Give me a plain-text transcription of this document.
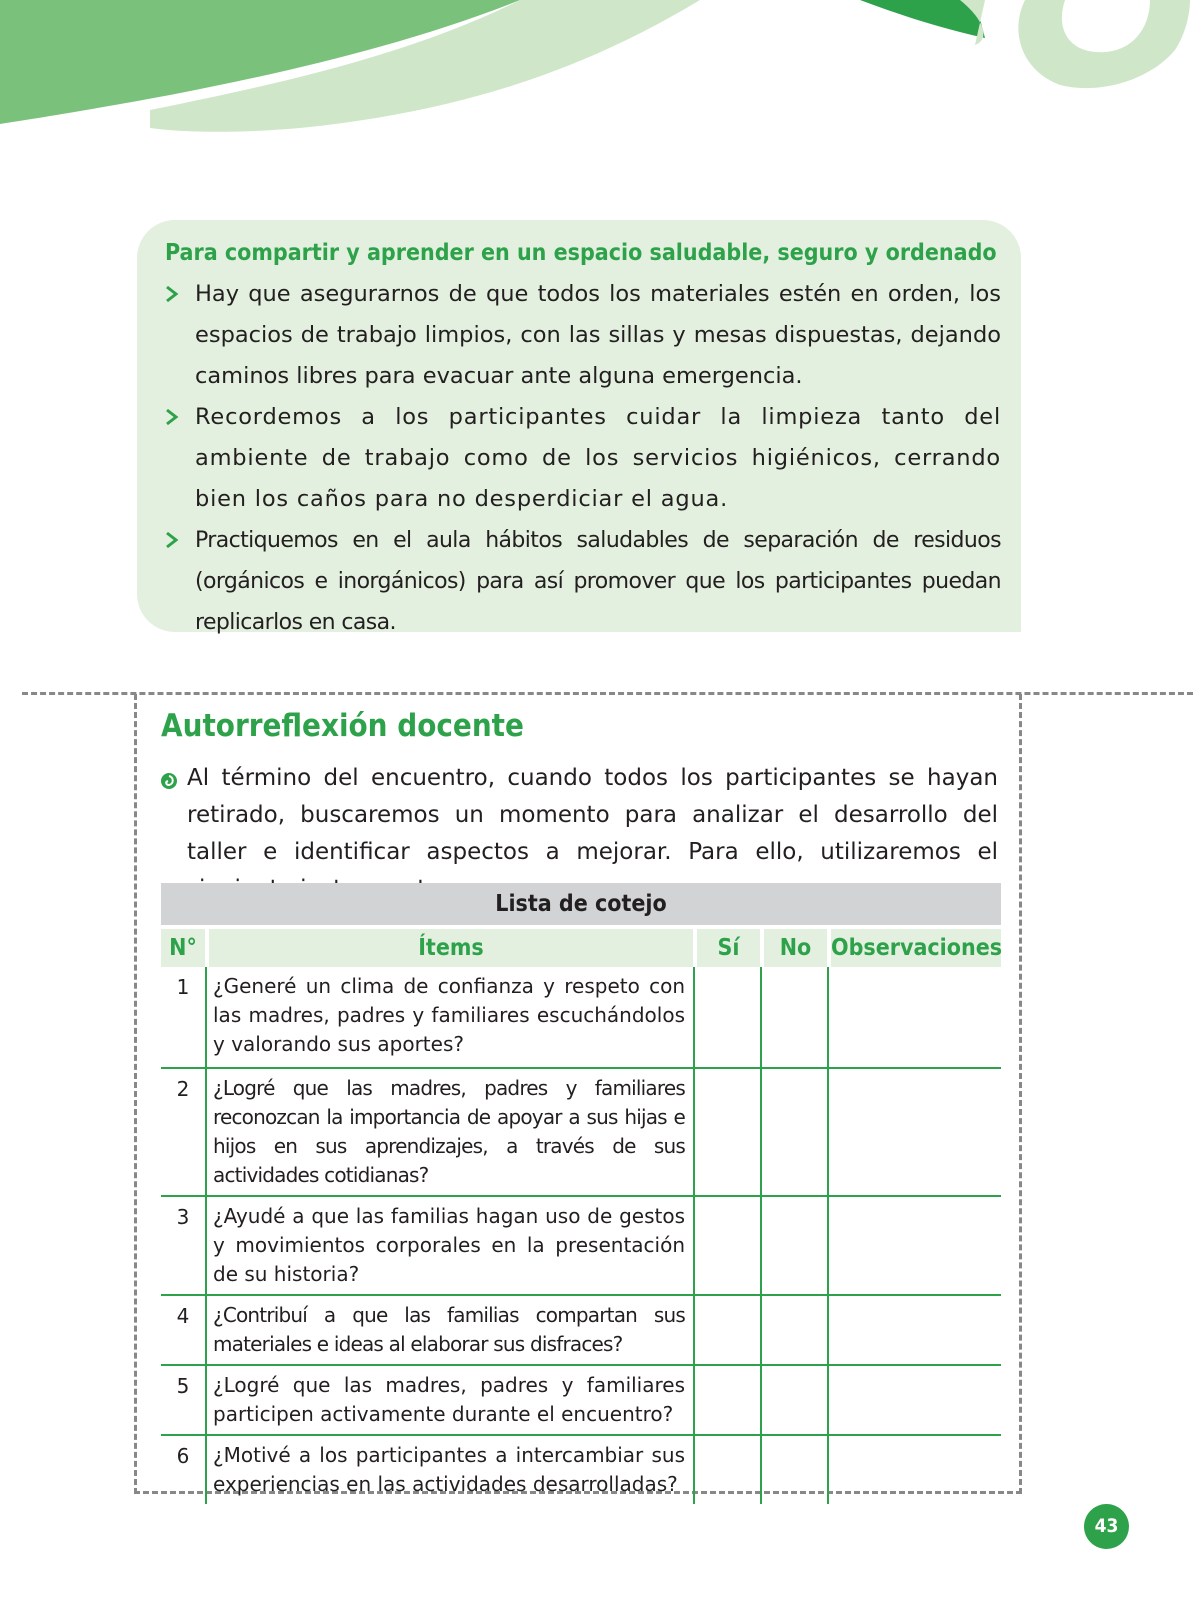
Para compartir y aprender en un espacio saludable, seguro y ordenado
Hay que asegurarnos de que todos los materiales estén en orden, los espacios de trabajo limpios, con las sillas y mesas dispuestas, dejando caminos libres para evacuar ante alguna emergencia.
Recordemos a los participantes cuidar la limpieza tanto del ambiente de trabajo como de los servicios higiénicos, cerrando bien los caños para no desperdiciar el agua.
Practiquemos en el aula hábitos saludables de separación de residuos (orgánicos e inorgánicos) para así promover que los participantes puedan replicarlos en casa.
Autorreflexión docente
Al término del encuentro, cuando todos los participantes se hayan retirado, buscaremos un momento para analizar el desarrollo del taller e identificar aspectos a mejorar. Para ello, utilizaremos el
Lista de cotejo
N°	Ítems	Sí	No	Observaciones
1	¿Generé un clima de confianza y respeto con las madres, padres y familiares escuchándolos y valorando sus aportes?			
2	¿Logré que las madres, padres y familiares reconozcan la importancia de apoyar a sus hijas e hijos en sus aprendizajes, a través de sus actividades cotidianas?			
3	¿Ayudé a que las familias hagan uso de gestos y movimientos corporales en la presentación de su historia?			
4	¿Contribuí a que las familias compartan sus materiales e ideas al elaborar sus disfraces?			
5	¿Logré que las madres, padres y familiares participen activamente durante el encuentro?			
6	¿Motivé a los participantes a intercambiar sus experiencias en las actividades desarrolladas?			
43
